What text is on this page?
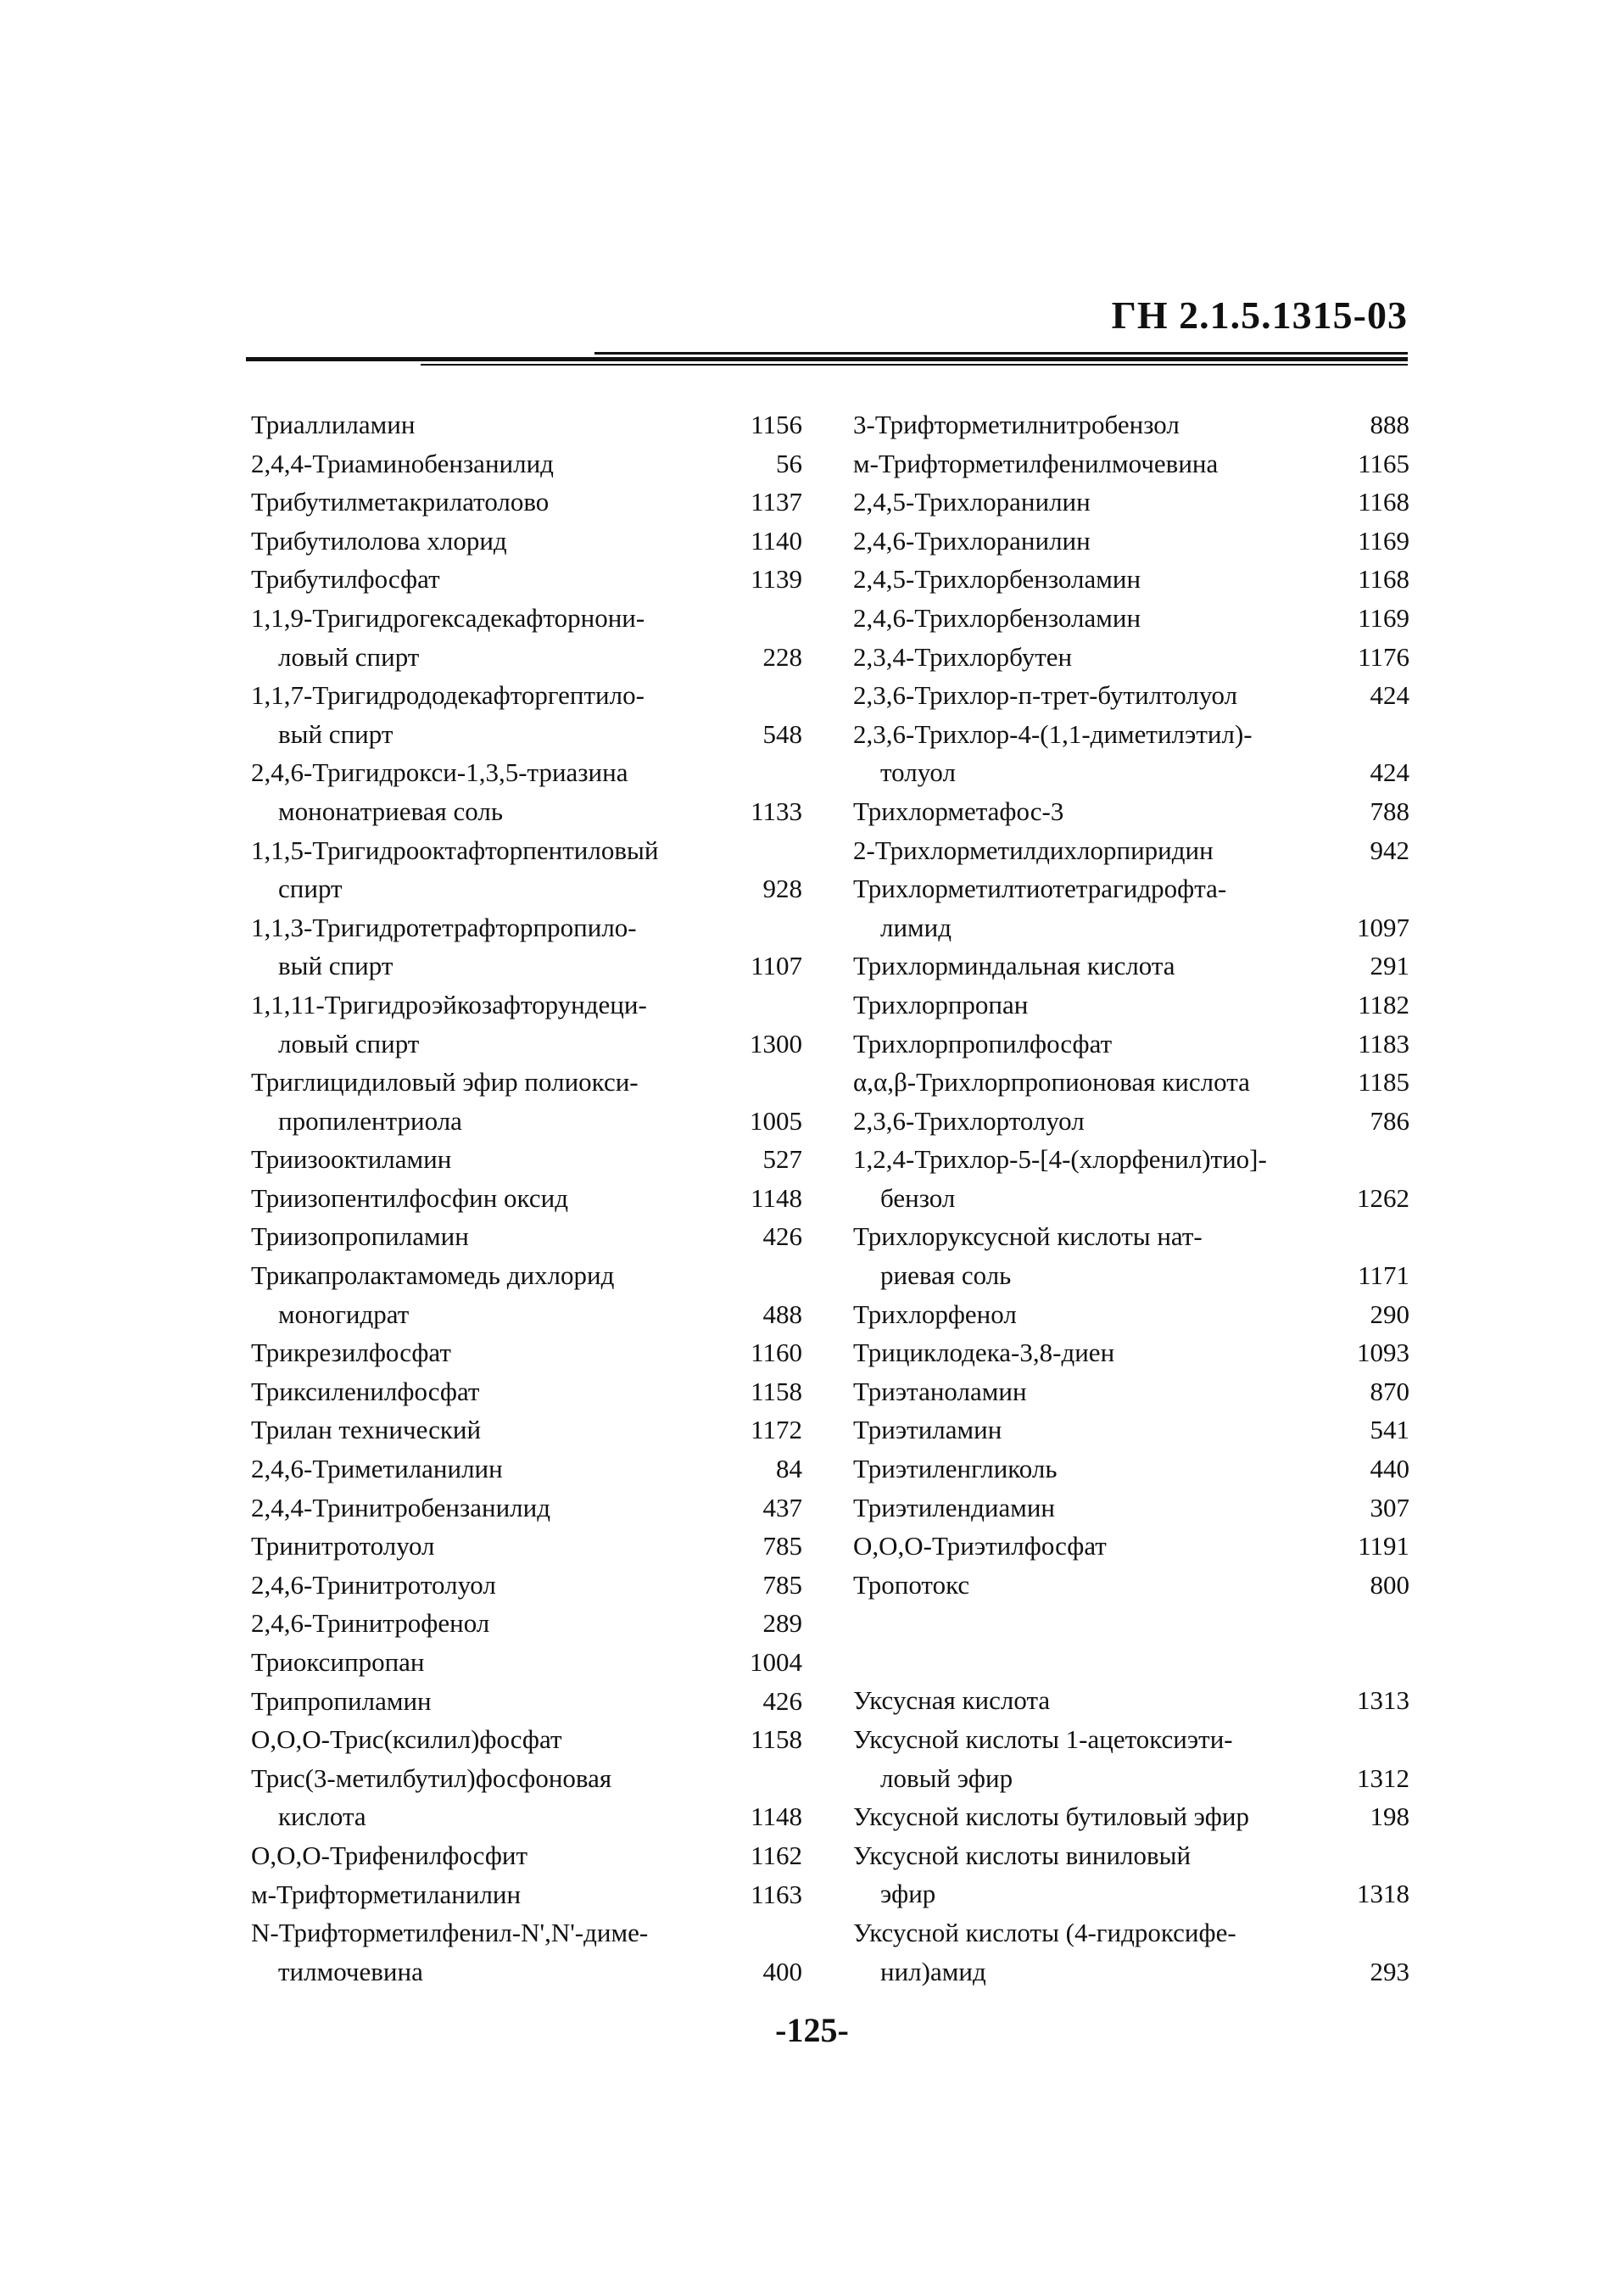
ГН 2.1.5.1315-03
Триаллиламин	1156
2,4,4-Триаминобензанилид	56
Трибутилметакрилатолово	1137
Трибутилолова хлорид	1140
Трибутилфосфат	1139
1,1,9-Тригидрогексадекафторнони-
ловый спирт	228
1,1,7-Тригидрододекафторгептило-
вый спирт	548
2,4,6-Тригидрокси-1,3,5-триазина
мононатриевая соль	1133
1,1,5-Тригидрооктафторпентиловый
спирт	928
1,1,3-Тригидротетрафторпропило-
вый спирт	1107
1,1,11-Тригидроэйкозафторундеци-
ловый спирт	1300
Триглицидиловый эфир полиокси-
пропилентриола	1005
Триизооктиламин	527
Триизопентилфосфин оксид	1148
Триизопропиламин	426
Трикапролактамомедь дихлорид
моногидрат	488
Трикрезилфосфат	1160
Триксиленилфосфат	1158
Трилан технический	1172
2,4,6-Триметиланилин	84
2,4,4-Тринитробензанилид	437
Тринитротолуол	785
2,4,6-Тринитротолуол	785
2,4,6-Тринитрофенол	289
Триоксипропан	1004
Трипропиламин	426
O,O,O-Трис(ксилил)фосфат	1158
Трис(3-метилбутил)фосфоновая
кислота	1148
O,O,O-Трифенилфосфит	1162
м-Трифторметиланилин	1163
N-Трифторметилфенил-N',N'-диме-
тилмочевина	400
3-Трифторметилнитробензол	888
м-Трифторметилфенилмочевина	1165
2,4,5-Трихлоранилин	1168
2,4,6-Трихлоранилин	1169
2,4,5-Трихлорбензоламин	1168
2,4,6-Трихлорбензоламин	1169
2,3,4-Трихлорбутен	1176
2,3,6-Трихлор-п-трет-бутилтолуол	424
2,3,6-Трихлор-4-(1,1-диметилэтил)-
толуол	424
Трихлорметафос-3	788
2-Трихлорметилдихлорпиридин	942
Трихлорметилтиотетрагидрофта-
лимид	1097
Трихлорминдальная кислота	291
Трихлорпропан	1182
Трихлорпропилфосфат	1183
α,α,β-Трихлорпропионовая кислота	1185
2,3,6-Трихлортолуол	786
1,2,4-Трихлор-5-[4-(хлорфенил)тио]-
бензол	1262
Трихлоруксусной кислоты нат-
риевая соль	1171
Трихлорфенол	290
Трициклодека-3,8-диен	1093
Триэтаноламин	870
Триэтиламин	541
Триэтиленгликоль	440
Триэтилендиамин	307
O,O,O-Триэтилфосфат	1191
Тропотокс	800
Уксусная кислота	1313
Уксусной кислоты 1-ацетоксиэти-
ловый эфир	1312
Уксусной кислоты бутиловый эфир	198
Уксусной кислоты виниловый
эфир	1318
Уксусной кислоты (4-гидроксифе-
нил)амид	293
-125-
